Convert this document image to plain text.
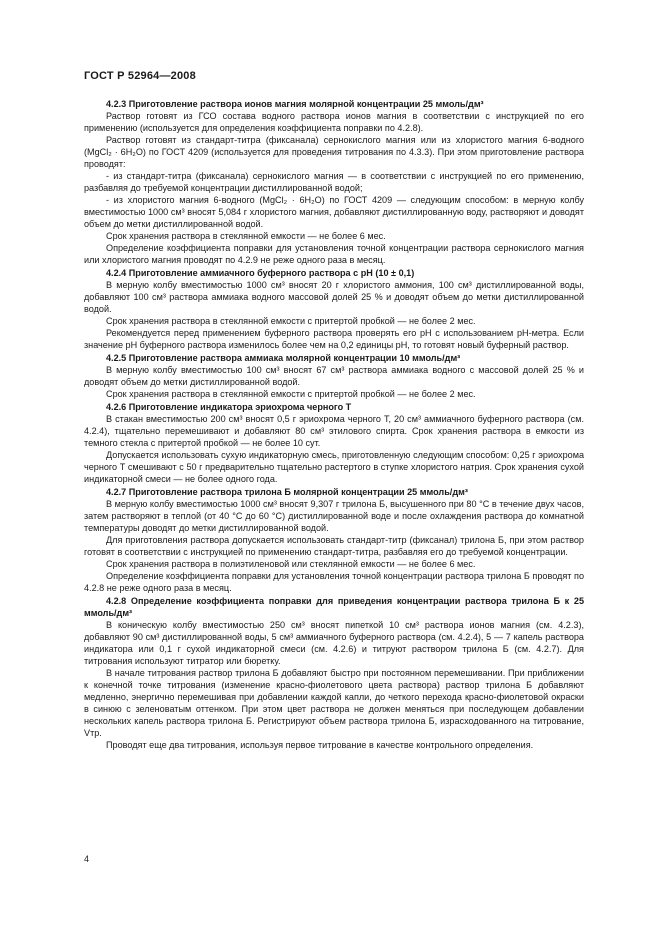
ГОСТ Р 52964—2008

4.2.3 Приготовление раствора ионов магния молярной концентрации 25 ммоль/дм³

Раствор готовят из ГСО состава водного раствора ионов магния в соответствии с инструкцией по его применению (используется для определения коэффициента поправки по 4.2.8).

Раствор готовят из стандарт-титра (фиксанала) сернокислого магния или из хлористого магния 6-водного (MgCl₂ · 6H₂O) по ГОСТ 4209 (используется для проведения титрования по 4.3.3). При этом приготовление раствора проводят:

- из стандарт-титра (фиксанала) сернокислого магния — в соответствии с инструкцией по его применению, разбавляя до требуемой концентрации дистиллированной водой;

- из хлористого магния 6-водного (MgCl₂ · 6H₂O) по ГОСТ 4209 — следующим способом: в мерную колбу вместимостью 1000 см³ вносят 5,084 г хлористого магния, добавляют дистиллированную воду, растворяют и доводят объем до метки дистиллированной водой.

Срок хранения раствора в стеклянной емкости — не более 6 мес.

Определение коэффициента поправки для установления точной концентрации раствора сернокислого магния или хлористого магния проводят по 4.2.9 не реже одного раза в месяц.

4.2.4 Приготовление аммиачного буферного раствора с pH (10 ± 0,1)

В мерную колбу вместимостью 1000 см³ вносят 20 г хлористого аммония, 100 см³ дистиллированной воды, добавляют 100 см³ раствора аммиака водного массовой долей 25 % и доводят объем до метки дистиллированной водой.

Срок хранения раствора в стеклянной емкости с притертой пробкой — не более 2 мес.

Рекомендуется перед применением буферного раствора проверять его pH с использованием pH-метра. Если значение pH буферного раствора изменилось более чем на 0,2 единицы pH, то готовят новый буферный раствор.

4.2.5 Приготовление раствора аммиака молярной концентрации 10 ммоль/дм³

В мерную колбу вместимостью 100 см³ вносят 67 см³ раствора аммиака водного с массовой долей 25 % и доводят объем до метки дистиллированной водой.

Срок хранения раствора в стеклянной емкости с притертой пробкой — не более 2 мес.

4.2.6 Приготовление индикатора эриохрома черного Т

В стакан вместимостью 200 см³ вносят 0,5 г эриохрома черного Т, 20 см³ аммиачного буферного раствора (см. 4.2.4), тщательно перемешивают и добавляют 80 см³ этилового спирта. Срок хранения раствора в емкости из темного стекла с притертой пробкой — не более 10 сут.

Допускается использовать сухую индикаторную смесь, приготовленную следующим способом: 0,25 г эриохрома черного Т смешивают с 50 г предварительно тщательно растертого в ступке хлористого натрия. Срок хранения сухой индикаторной смеси — не более одного года.

4.2.7 Приготовление раствора трилона Б молярной концентрации 25 ммоль/дм³

В мерную колбу вместимостью 1000 см³ вносят 9,307 г трилона Б, высушенного при 80 °С в течение двух часов, затем растворяют в теплой (от 40 °С до 60 °С) дистиллированной воде и после охлаждения раствора до комнатной температуры доводят до метки дистиллированной водой.

Для приготовления раствора допускается использовать стандарт-титр (фиксанал) трилона Б, при этом раствор готовят в соответствии с инструкцией по применению стандарт-титра, разбавляя его до требуемой концентрации.

Срок хранения раствора в полиэтиленовой или стеклянной емкости — не более 6 мес.

Определение коэффициента поправки для установления точной концентрации раствора трилона Б проводят по 4.2.8 не реже одного раза в месяц.

4.2.8 Определение коэффициента поправки для приведения концентрации раствора трилона Б к 25 ммоль/дм³

В коническую колбу вместимостью 250 см³ вносят пипеткой 10 см³ раствора ионов магния (см. 4.2.3), добавляют 90 см³ дистиллированной воды, 5 см³ аммиачного буферного раствора (см. 4.2.4), 5 — 7 капель раствора индикатора или 0,1 г сухой индикаторной смеси (см. 4.2.6) и титруют раствором трилона Б (см. 4.2.7). Для титрования используют титратор или бюретку.

В начале титрования раствор трилона Б добавляют быстро при постоянном перемешивании. При приближении к конечной точке титрования (изменение красно-фиолетового цвета раствора) раствор трилона Б добавляют медленно, энергично перемешивая при добавлении каждой капли, до четкого перехода красно-фиолетовой окраски в синюю с зеленоватым оттенком. При этом цвет раствора не должен меняться при последующем добавлении нескольких капель раствора трилона Б. Регистрируют объем раствора трилона Б, израсходованного на титрование, Vтр.

Проводят еще два титрования, используя первое титрование в качестве контрольного определения.

4
